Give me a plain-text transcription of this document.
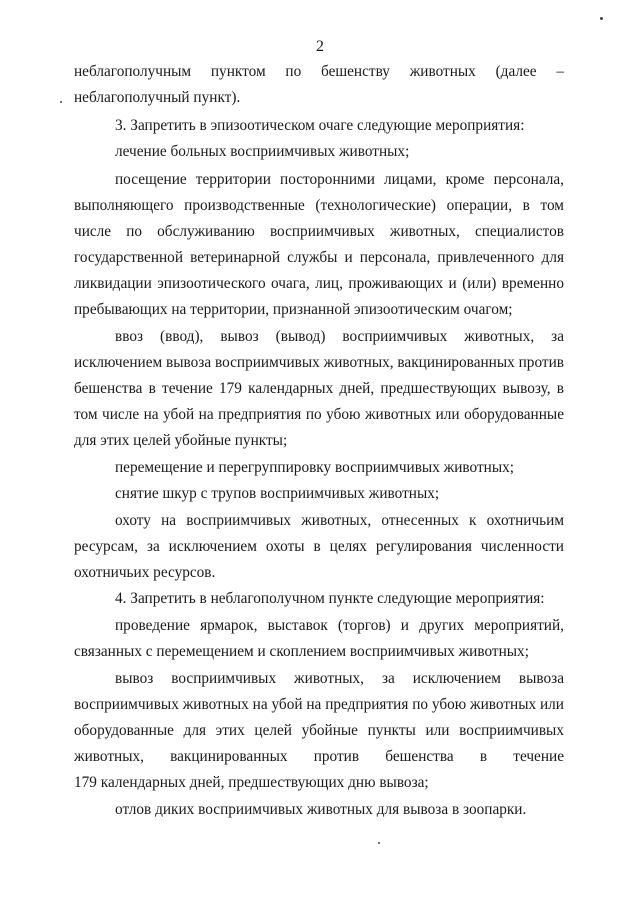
2
неблагополучным пунктом по бешенству животных (далее –
неблагополучный пункт).
3. Запретить в эпизоотическом очаге следующие мероприятия:
лечение больных восприимчивых животных;
посещение территории посторонними лицами, кроме персонала,
выполняющего производственные (технологические) операции, в том
числе по обслуживанию восприимчивых животных, специалистов
государственной ветеринарной службы и персонала, привлеченного для
ликвидации эпизоотического очага, лиц, проживающих и (или) временно
пребывающих на территории, признанной эпизоотическим очагом;
ввоз (ввод), вывоз (вывод) восприимчивых животных, за
исключением вывоза восприимчивых животных, вакцинированных против
бешенства в течение 179 календарных дней, предшествующих вывозу, в
том числе на убой на предприятия по убою животных или оборудованные
для этих целей убойные пункты;
перемещение и перегруппировку восприимчивых животных;
снятие шкур с трупов восприимчивых животных;
охоту на восприимчивых животных, отнесенных к охотничьим
ресурсам, за исключением охоты в целях регулирования численности
охотничьих ресурсов.
4. Запретить в неблагополучном пункте следующие мероприятия:
проведение ярмарок, выставок (торгов) и других мероприятий,
связанных с перемещением и скоплением восприимчивых животных;
вывоз восприимчивых животных, за исключением вывоза
восприимчивых животных на убой на предприятия по убою животных или
оборудованные для этих целей убойные пункты или восприимчивых
животных, вакцинированных против бешенства в течение
179 календарных дней, предшествующих дню вывоза;
отлов диких восприимчивых животных для вывоза в зоопарки.
